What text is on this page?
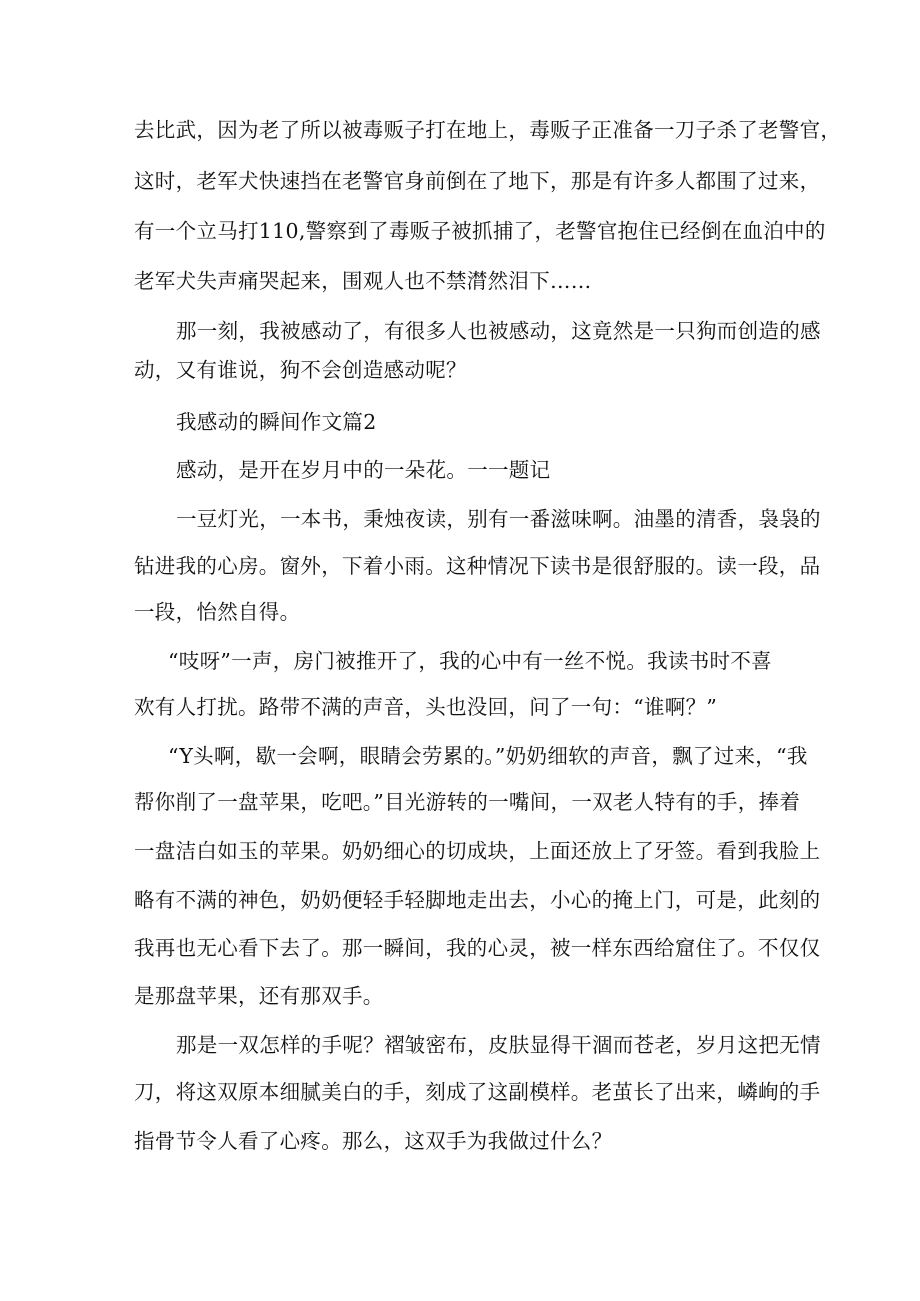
去比武，因为老了所以被毒贩子打在地上，毒贩子正准备一刀子杀了老警官，
这时，老军犬快速挡在老警官身前倒在了地下，那是有许多人都围了过来，
有一个立马打110,警察到了毒贩子被抓捕了，老警官抱住已经倒在血泊中的
老军犬失声痛哭起来，围观人也不禁潸然泪下……
那一刻，我被感动了，有很多人也被感动，这竟然是一只狗而创造的感
动，又有谁说，狗不会创造感动呢？
我感动的瞬间作文篇2
感动，是开在岁月中的一朵花。一一题记
一豆灯光，一本书，秉烛夜读，别有一番滋味啊。油墨的清香，袅袅的
钻进我的心房。窗外，下着小雨。这种情况下读书是很舒服的。读一段，品
一段，怡然自得。
“吱呀”一声，房门被推开了，我的心中有一丝不悦。我读书时不喜
欢有人打扰。路带不满的声音，头也没回，问了一句：“谁啊？”
“Y头啊，歇一会啊，眼睛会劳累的。”奶奶细软的声音，飘了过来，“我
帮你削了一盘苹果，吃吧。”目光游转的一嘴间，一双老人特有的手，捧着
一盘洁白如玉的苹果。奶奶细心的切成块，上面还放上了牙签。看到我脸上
略有不满的神色，奶奶便轻手轻脚地走出去，小心的掩上门，可是，此刻的
我再也无心看下去了。那一瞬间，我的心灵，被一样东西给窟住了。不仅仅
是那盘苹果，还有那双手。
那是一双怎样的手呢？褶皱密布，皮肤显得干涸而苍老，岁月这把无情
刀，将这双原本细腻美白的手，刻成了这副模样。老茧长了出来，嶙峋的手
指骨节令人看了心疼。那么，这双手为我做过什么？
